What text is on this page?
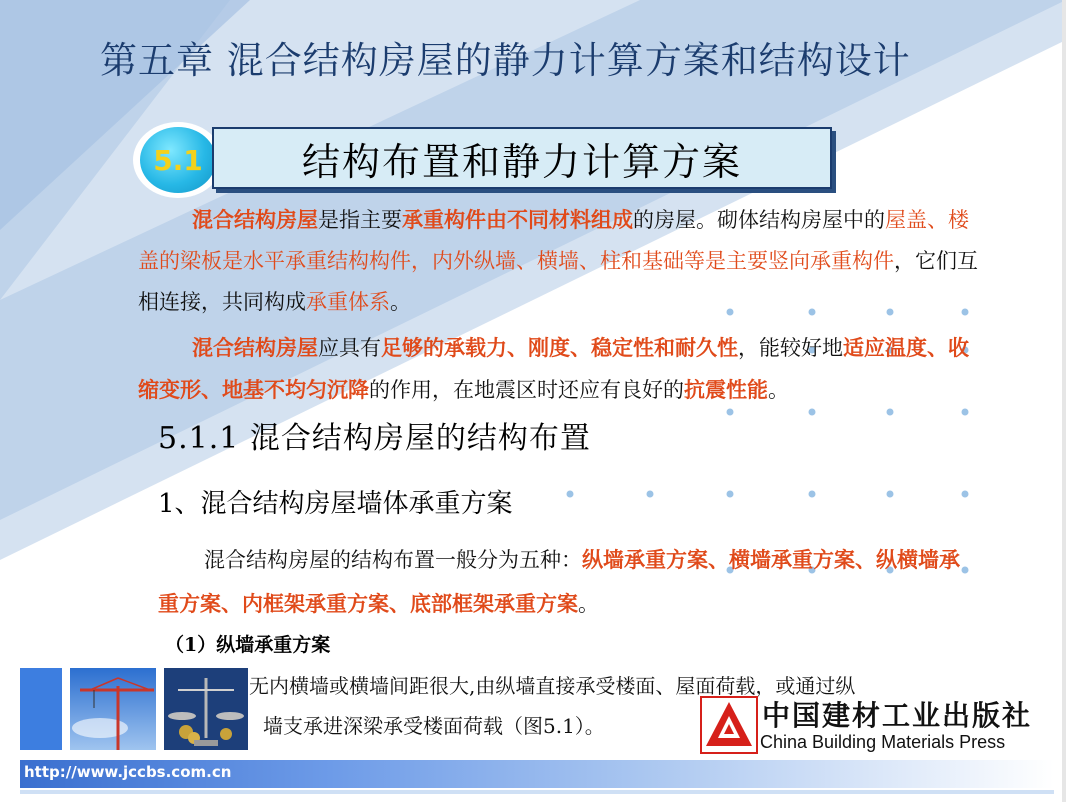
第五章 混合结构房屋的静力计算方案和结构设计
5.1	结构布置和静力计算方案
混合结构房屋是指主要承重构件由不同材料组成的房屋。砌体结构房屋中的屋盖、楼盖的梁板是水平承重结构构件，内外纵墙、横墙、柱和基础等是主要竖向承重构件，它们互相连接，共同构成承重体系。
混合结构房屋应具有足够的承载力、刚度、稳定性和耐久性，能较好地适应温度、收缩变形、地基不均匀沉降的作用，在地震区时还应有良好的抗震性能。
5.1.1 混合结构房屋的结构布置
1、混合结构房屋墙体承重方案
混合结构房屋的结构布置一般分为五种：纵墙承重方案、横墙承重方案、纵横墙承重方案、内框架承重方案、底部框架承重方案。
（1）纵墙承重方案
无内横墙或横墙间距很大,由纵墙直接承受楼面、屋面荷载，或通过纵
墙支承进深梁承受楼面荷载（图5.1）。	中国建材工业出版社
China Building Materials Press
http://www.jccbs.com.cn
